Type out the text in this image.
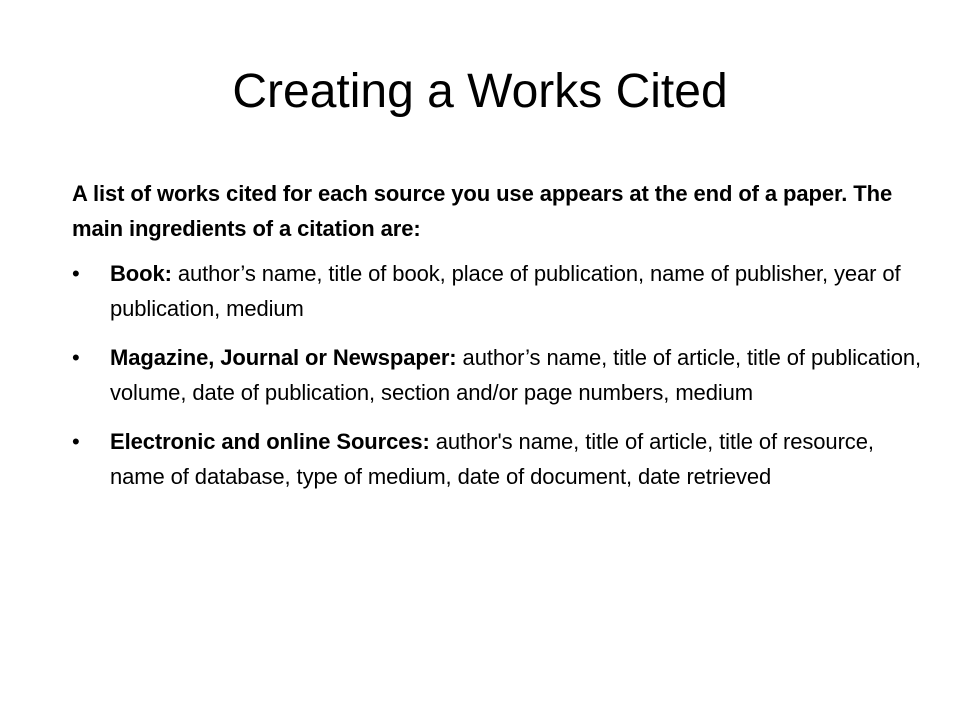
Creating a Works Cited

A list of works cited for each source you use appears at the end of a paper. The main ingredients of a citation are:

• Book: author’s name, title of book, place of publication, name of publisher, year of publication, medium
• Magazine, Journal or Newspaper: author’s name, title of article, title of publication, volume, date of publication, section and/or page numbers, medium
• Electronic and online Sources: author's name, title of article, title of resource, name of database, type of medium, date of document, date retrieved
